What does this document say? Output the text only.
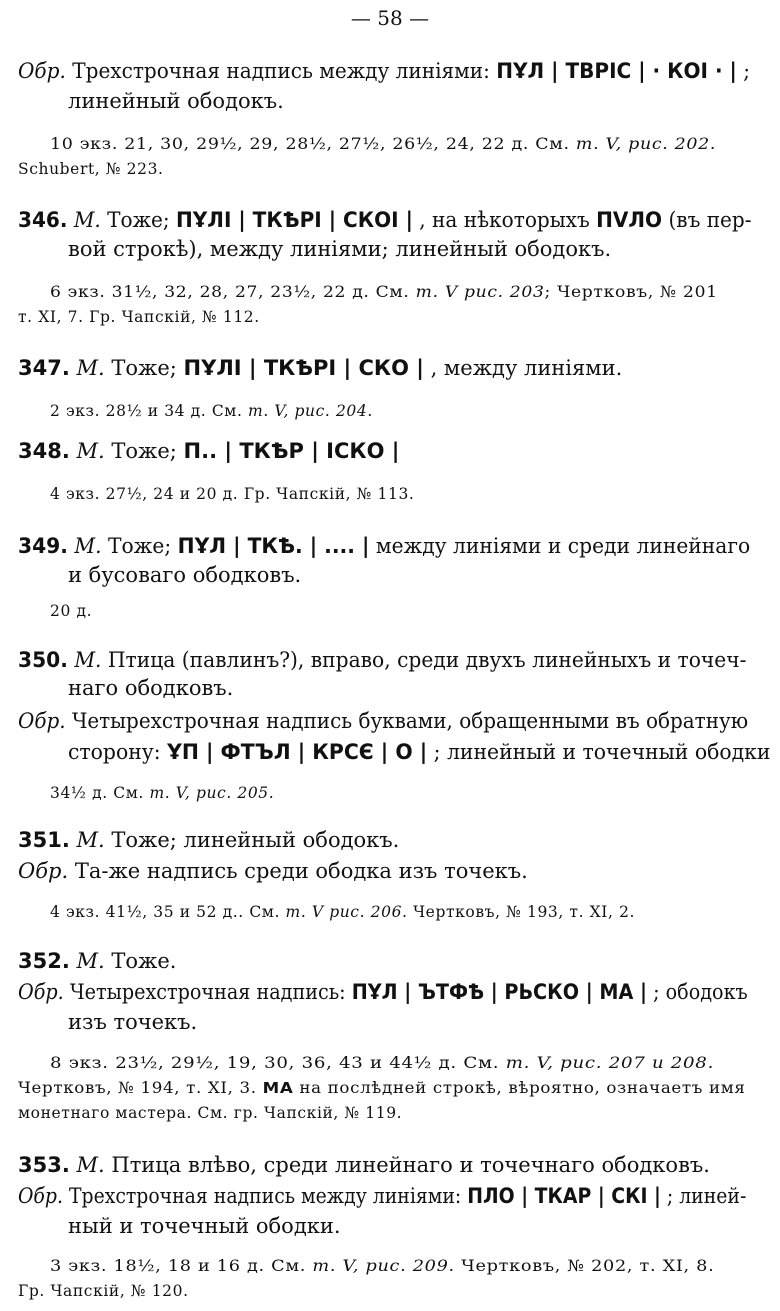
— 58 —
Обр. Трехстрочная надпись между линіями: ПҰЛ | ТВРІС | · КОІ · | ;
линейный ободокъ.
10 экз. 21, 30, 29½, 29, 28½, 27½, 26½, 24, 22 д. См. т. V, рис. 202.
Schubert, № 223.
346. М. Тоже; ПҰЛІ | ТКѢРІ | СКОІ | , на нѣкоторыхъ ПVЛО (въ пер-
вой строкѣ), между линіями; линейный ободокъ.
6 экз. 31½, 32, 28, 27, 23½, 22 д. См. т. V рис. 203; Чертковъ, № 201
т. XI, 7. Гр. Чапскій, № 112.
347. М. Тоже; ПҰЛІ | ТКѢРІ | СКО | , между линіями.
2 экз. 28½ и 34 д. См. т. V, рис. 204.
348. М. Тоже; П.. | ТКѢР | ІСКО |
4 экз. 27½, 24 и 20 д. Гр. Чапскій, № 113.
349. М. Тоже; ПҰЛ | ТКѢ. | .... | между линіями и среди линейнаго
и бусоваго ободковъ.
20 д.
350. М. Птица (павлинъ?), вправо, среди двухъ линейныхъ и точеч-
наго ободковъ.
Обр. Четырехстрочная надпись буквами, обращенными въ обратную
сторону: ҰП | ФТЪЛ | КРСЄ | О | ; линейный и точечный ободки
34½ д. См. т. V, рис. 205.
351. М. Тоже; линейный ободокъ.
Обр. Та-же надпись среди ободка изъ точекъ.
4 экз. 41½, 35 и 52 д.. См. т. V рис. 206. Чертковъ, № 193, т. XI, 2.
352. М. Тоже.
Обр. Четырехстрочная надпись: ПҰЛ | ЪТФѢ | РЬСКО | МА | ; ободокъ
изъ точекъ.
8 экз. 23½, 29½, 19, 30, 36, 43 и 44½ д. См. т. V, рис. 207 и 208.
Чертковъ, № 194, т. XI, 3. МА на послѣдней строкѣ, вѣроятно, означаетъ имя
монетнаго мастера. См. гр. Чапскій, № 119.
353. М. Птица влѣво, среди линейнаго и точечнаго ободковъ.
Обр. Трехстрочная надпись между линіями: ПЛО | ТКАР | СКІ | ; линей-
ный и точечный ободки.
3 экз. 18½, 18 и 16 д. См. т. V, рис. 209. Чертковъ, № 202, т. XI, 8.
Гр. Чапскій, № 120.
